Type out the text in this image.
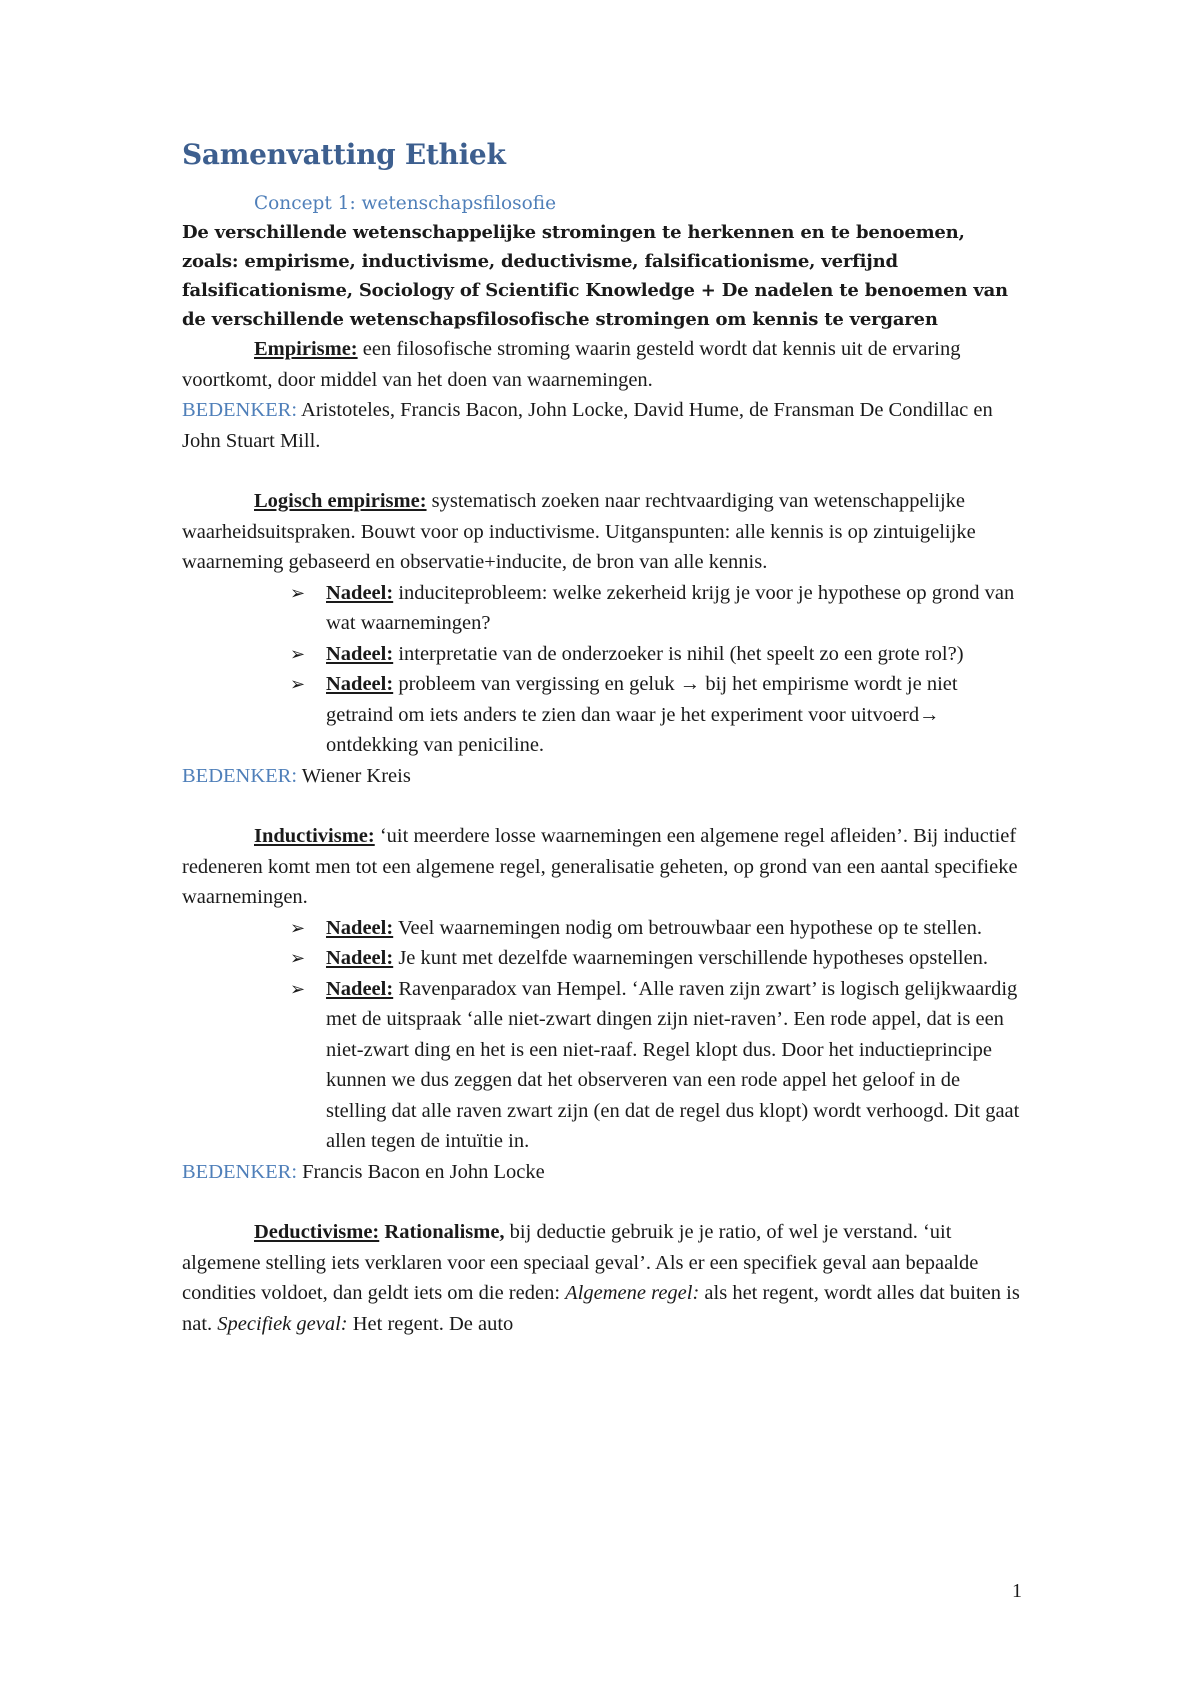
Samenvatting Ethiek
Concept 1: wetenschapsfilosofie
De verschillende wetenschappelijke stromingen te herkennen en te benoemen, zoals: empirisme, inductivisme, deductivisme, falsificationisme, verfijnd falsificationisme, Sociology of Scientific Knowledge + De nadelen te benoemen van de verschillende wetenschapsfilosofische stromingen om kennis te vergaren

Empirisme: een filosofische stroming waarin gesteld wordt dat kennis uit de ervaring voortkomt, door middel van het doen van waarnemingen.

BEDENKER: Aristoteles, Francis Bacon, John Locke, David Hume, de Fransman De Condillac en John Stuart Mill.

Logisch empirisme: systematisch zoeken naar rechtvaardiging van wetenschappelijke waarheidsuitspraken. Bouwt voor op inductivisme. Uitganspunten: alle kennis is op zintuigelijke waarneming gebaseerd en observatie+inducite, de bron van alle kennis.

➢ Nadeel: induciteprobleem: welke zekerheid krijg je voor je hypothese op grond van wat waarnemingen?
➢ Nadeel: interpretatie van de onderzoeker is nihil (het speelt zo een grote rol?)
➢ Nadeel: probleem van vergissing en geluk → bij het empirisme wordt je niet getraind om iets anders te zien dan waar je het experiment voor uitvoerd→ ontdekking van peniciline.

BEDENKER: Wiener Kreis

Inductivisme: ‘uit meerdere losse waarnemingen een algemene regel afleiden’. Bij inductief redeneren komt men tot een algemene regel, generalisatie geheten, op grond van een aantal specifieke waarnemingen.

➢ Nadeel: Veel waarnemingen nodig om betrouwbaar een hypothese op te stellen.
➢ Nadeel: Je kunt met dezelfde waarnemingen verschillende hypotheses opstellen.
➢ Nadeel: Ravenparadox van Hempel. ‘Alle raven zijn zwart’ is logisch gelijkwaardig met de uitspraak ‘alle niet-zwart dingen zijn niet-raven’. Een rode appel, dat is een niet-zwart ding en het is een niet-raaf. Regel klopt dus. Door het inductieprincipe kunnen we dus zeggen dat het observeren van een rode appel het geloof in de stelling dat alle raven zwart zijn (en dat de regel dus klopt) wordt verhoogd. Dit gaat allen tegen de intuïtie in.

BEDENKER: Francis Bacon en John Locke

Deductivisme: Rationalisme, bij deductie gebruik je je ratio, of wel je verstand. ‘uit algemene stelling iets verklaren voor een speciaal geval’. Als er een specifiek geval aan bepaalde condities voldoet, dan geldt iets om die reden: Algemene regel: als het regent, wordt alles dat buiten is nat. Specifiek geval: Het regent. De auto

1
